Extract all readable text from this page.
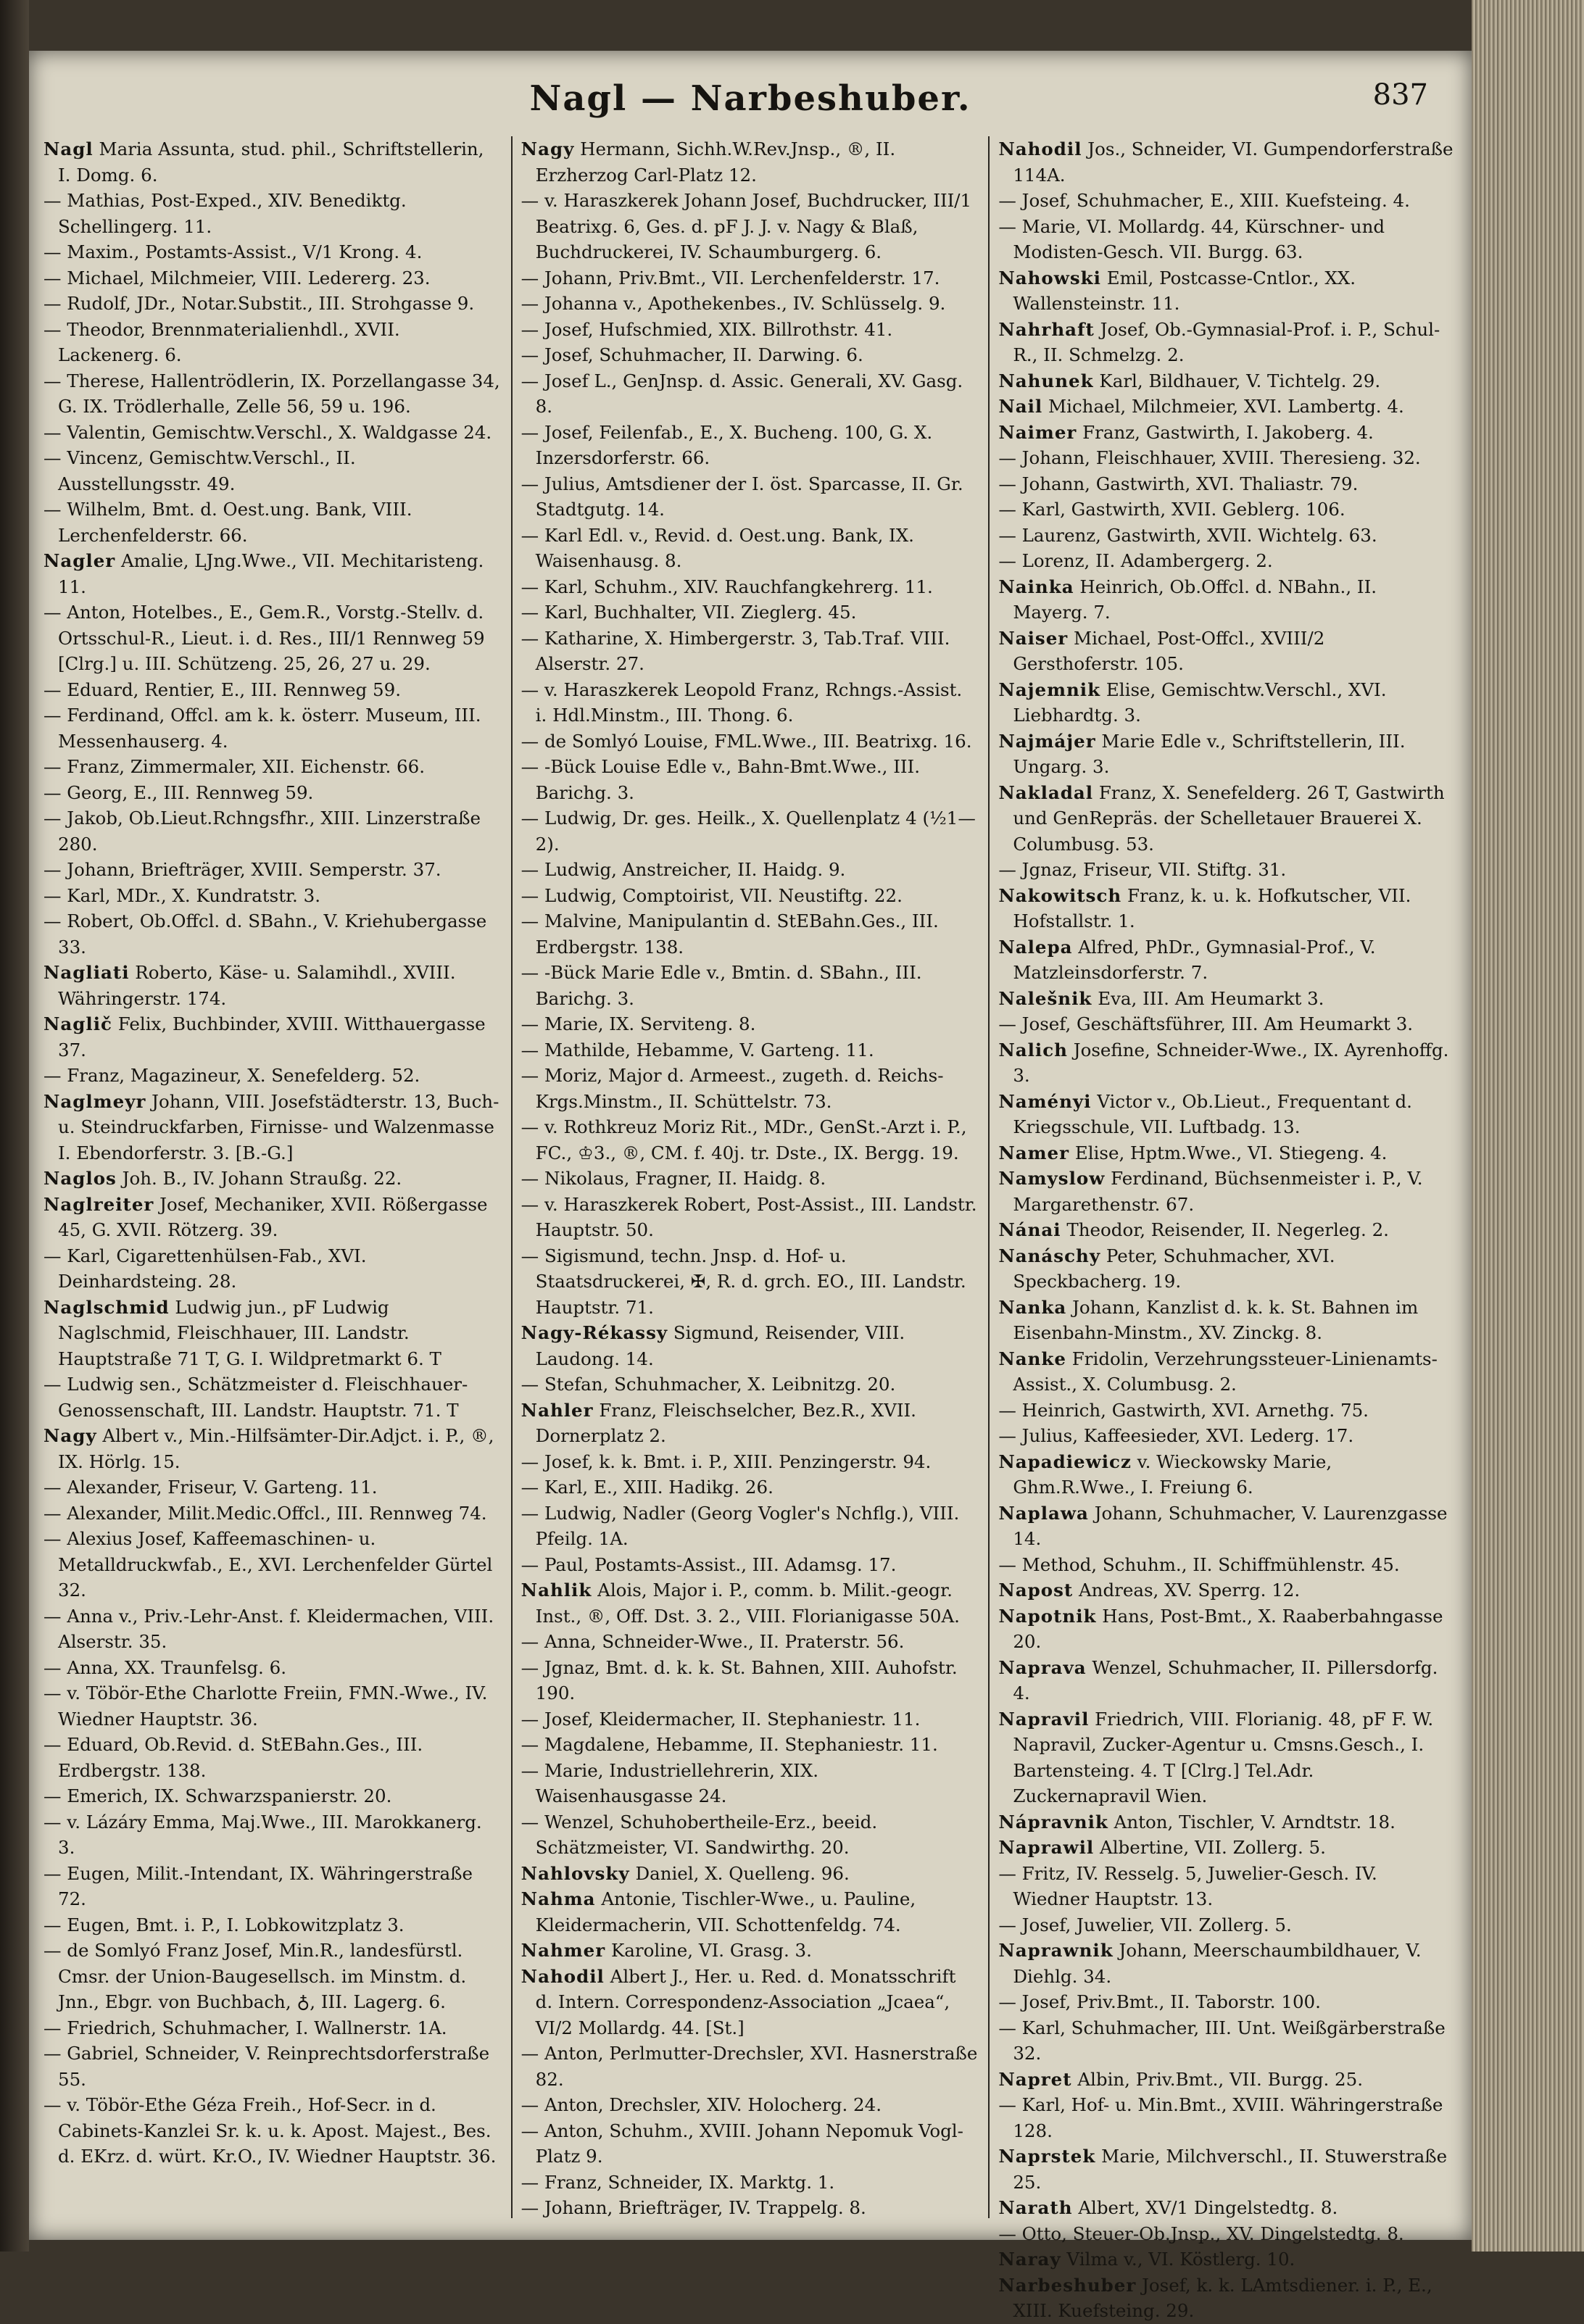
Nagl — Narbeshuber.	837

Nagl Maria Assunta, stud. phil., Schriftstellerin, I. Domg. 6.

— Mathias, Post-Exped., XIV. Benediktg. Schellingerg. 11.

— Maxim., Postamts-Assist., V/1 Krong. 4.

— Michael, Milchmeier, VIII. Ledererg. 23.

— Rudolf, JDr., Notar.Substit., III. Strohgasse 9.

— Theodor, Brennmaterialienhdl., XVII. Lackenerg. 6.

— Therese, Hallentrödlerin, IX. Porzellangasse 34, G. IX. Trödlerhalle, Zelle 56, 59 u. 196.

— Valentin, Gemischtw.Verschl., X. Waldgasse 24.

— Vincenz, Gemischtw.Verschl., II. Ausstellungsstr. 49.

— Wilhelm, Bmt. d. Oest.ung. Bank, VIII. Lerchenfelderstr. 66.

Nagler Amalie, LJng.Wwe., VII. Mechitaristeng. 11.

— Anton, Hotelbes., E., Gem.R., Vorstg.-Stellv. d. Ortsschul-R., Lieut. i. d. Res., III/1 Rennweg 59 [Clrg.] u. III. Schützeng. 25, 26, 27 u. 29.

— Eduard, Rentier, E., III. Rennweg 59.

— Ferdinand, Offcl. am k. k. österr. Museum, III. Messenhauserg. 4.

— Franz, Zimmermaler, XII. Eichenstr. 66.

— Georg, E., III. Rennweg 59.

— Jakob, Ob.Lieut.Rchngsfhr., XIII. Linzerstraße 280.

— Johann, Briefträger, XVIII. Semperstr. 37.

— Karl, MDr., X. Kundratstr. 3.

— Robert, Ob.Offcl. d. SBahn., V. Kriehubergasse 33.

Nagliati Roberto, Käse- u. Salamihdl., XVIII. Währingerstr. 174.

Naglič Felix, Buchbinder, XVIII. Witthauergasse 37.

— Franz, Magazineur, X. Senefelderg. 52.

Naglmeyr Johann, VIII. Josefstädterstr. 13, Buch- u. Steindruckfarben, Firnisse- und Walzenmasse I. Ebendorferstr. 3. [B.-G.]

Naglos Joh. B., IV. Johann Straußg. 22.

Naglreiter Josef, Mechaniker, XVII. Rößergasse 45, G. XVII. Rötzerg. 39.

— Karl, Cigarettenhülsen-Fab., XVI. Deinhardsteing. 28.

Naglschmid Ludwig jun., pF Ludwig Naglschmid, Fleischhauer, III. Landstr. Hauptstraße 71 T, G. I. Wildpretmarkt 6. T

— Ludwig sen., Schätzmeister d. Fleischhauer-Genossenschaft, III. Landstr. Hauptstr. 71. T

Nagy Albert v., Min.-Hilfsämter-Dir.Adjct. i. P., ®, IX. Hörlg. 15.

— Alexander, Friseur, V. Garteng. 11.

— Alexander, Milit.Medic.Offcl., III. Rennweg 74.

— Alexius Josef, Kaffeemaschinen- u. Metalldruckwfab., E., XVI. Lerchenfelder Gürtel 32.

— Anna v., Priv.-Lehr-Anst. f. Kleidermachen, VIII. Alserstr. 35.

— Anna, XX. Traunfelsg. 6.

— v. Töbör-Ethe Charlotte Freiin, FMN.-Wwe., IV. Wiedner Hauptstr. 36.

— Eduard, Ob.Revid. d. StEBahn.Ges., III. Erdbergstr. 138.

— Emerich, IX. Schwarzspanierstr. 20.

— v. Lázáry Emma, Maj.Wwe., III. Marokkanerg. 3.

— Eugen, Milit.-Intendant, IX. Währingerstraße 72.

— Eugen, Bmt. i. P., I. Lobkowitzplatz 3.

— de Somlyó Franz Josef, Min.R., landesfürstl. Cmsr. der Union-Baugesellsch. im Minstm. d. Jnn., Ebgr. von Buchbach, ♁, III. Lagerg. 6.

— Friedrich, Schuhmacher, I. Wallnerstr. 1A.

— Gabriel, Schneider, V. Reinprechtsdorferstraße 55.

— v. Töbör-Ethe Géza Freih., Hof-Secr. in d. Cabinets-Kanzlei Sr. k. u. k. Apost. Majest., Bes. d. EKrz. d. würt. Kr.O., IV. Wiedner Hauptstr. 36.

Nagy Hermann, Sichh.W.Rev.Jnsp., ®, II. Erzherzog Carl-Platz 12.

— v. Haraszkerek Johann Josef, Buchdrucker, III/1 Beatrixg. 6, Ges. d. pF J. J. v. Nagy & Blaß, Buchdruckerei, IV. Schaumburgerg. 6.

— Johann, Priv.Bmt., VII. Lerchenfelderstr. 17.

— Johanna v., Apothekenbes., IV. Schlüsselg. 9.

— Josef, Hufschmied, XIX. Billrothstr. 41.

— Josef, Schuhmacher, II. Darwing. 6.

— Josef L., GenJnsp. d. Assic. Generali, XV. Gasg. 8.

— Josef, Feilenfab., E., X. Bucheng. 100, G. X. Inzersdorferstr. 66.

— Julius, Amtsdiener der I. öst. Sparcasse, II. Gr. Stadtgutg. 14.

— Karl Edl. v., Revid. d. Oest.ung. Bank, IX. Waisenhausg. 8.

— Karl, Schuhm., XIV. Rauchfangkehrerg. 11.

— Karl, Buchhalter, VII. Zieglerg. 45.

— Katharine, X. Himbergerstr. 3, Tab.Traf. VIII. Alserstr. 27.

— v. Haraszkerek Leopold Franz, Rchngs.-Assist. i. Hdl.Minstm., III. Thong. 6.

— de Somlyó Louise, FML.Wwe., III. Beatrixg. 16.

— -Bück Louise Edle v., Bahn-Bmt.Wwe., III. Barichg. 3.

— Ludwig, Dr. ges. Heilk., X. Quellenplatz 4 (½1—2).

— Ludwig, Anstreicher, II. Haidg. 9.

— Ludwig, Comptoirist, VII. Neustiftg. 22.

— Malvine, Manipulantin d. StEBahn.Ges., III. Erdbergstr. 138.

— -Bück Marie Edle v., Bmtin. d. SBahn., III. Barichg. 3.

— Marie, IX. Serviteng. 8.

— Mathilde, Hebamme, V. Garteng. 11.

— Moriz, Major d. Armeest., zugeth. d. Reichs-Krgs.Minstm., II. Schüttelstr. 73.

— v. Rothkreuz Moriz Rit., MDr., GenSt.-Arzt i. P., FC., ♔3., ®, CM. f. 40j. tr. Dste., IX. Bergg. 19.

— Nikolaus, Fragner, II. Haidg. 8.

— v. Haraszkerek Robert, Post-Assist., III. Landstr. Hauptstr. 50.

— Sigismund, techn. Jnsp. d. Hof- u. Staatsdruckerei, ✠, R. d. grch. EO., III. Landstr. Hauptstr. 71.

Nagy-Rékassy Sigmund, Reisender, VIII. Laudong. 14.

— Stefan, Schuhmacher, X. Leibnitzg. 20.

Nahler Franz, Fleischselcher, Bez.R., XVII. Dornerplatz 2.

— Josef, k. k. Bmt. i. P., XIII. Penzingerstr. 94.

— Karl, E., XIII. Hadikg. 26.

— Ludwig, Nadler (Georg Vogler's Nchflg.), VIII. Pfeilg. 1A.

— Paul, Postamts-Assist., III. Adamsg. 17.

Nahlik Alois, Major i. P., comm. b. Milit.-geogr. Inst., ®, Off. Dst. 3. 2., VIII. Florianigasse 50A.

— Anna, Schneider-Wwe., II. Praterstr. 56.

— Jgnaz, Bmt. d. k. k. St. Bahnen, XIII. Auhofstr. 190.

— Josef, Kleidermacher, II. Stephaniestr. 11.

— Magdalene, Hebamme, II. Stephaniestr. 11.

— Marie, Industriellehrerin, XIX. Waisenhausgasse 24.

— Wenzel, Schuhobertheile-Erz., beeid. Schätzmeister, VI. Sandwirthg. 20.

Nahlovsky Daniel, X. Quelleng. 96.

Nahma Antonie, Tischler-Wwe., u. Pauline, Kleidermacherin, VII. Schottenfeldg. 74.

Nahmer Karoline, VI. Grasg. 3.

Nahodil Albert J., Her. u. Red. d. Monatsschrift d. Intern. Correspondenz-Association „Jcaea“, VI/2 Mollardg. 44. [St.]

— Anton, Perlmutter-Drechsler, XVI. Hasnerstraße 82.

— Anton, Drechsler, XIV. Holocherg. 24.

— Anton, Schuhm., XVIII. Johann Nepomuk Vogl-Platz 9.

— Franz, Schneider, IX. Marktg. 1.

— Johann, Briefträger, IV. Trappelg. 8.

Nahodil Jos., Schneider, VI. Gumpendorferstraße 114A.

— Josef, Schuhmacher, E., XIII. Kuefsteing. 4.

— Marie, VI. Mollardg. 44, Kürschner- und Modisten-Gesch. VII. Burgg. 63.

Nahowski Emil, Postcasse-Cntlor., XX. Wallensteinstr. 11.

Nahrhaft Josef, Ob.-Gymnasial-Prof. i. P., Schul-R., II. Schmelzg. 2.

Nahunek Karl, Bildhauer, V. Tichtelg. 29.

Nail Michael, Milchmeier, XVI. Lambertg. 4.

Naimer Franz, Gastwirth, I. Jakoberg. 4.

— Johann, Fleischhauer, XVIII. Theresieng. 32.

— Johann, Gastwirth, XVI. Thaliastr. 79.

— Karl, Gastwirth, XVII. Geblerg. 106.

— Laurenz, Gastwirth, XVII. Wichtelg. 63.

— Lorenz, II. Adambergerg. 2.

Nainka Heinrich, Ob.Offcl. d. NBahn., II. Mayerg. 7.

Naiser Michael, Post-Offcl., XVIII/2 Gersthoferstr. 105.

Najemnik Elise, Gemischtw.Verschl., XVI. Liebhardtg. 3.

Najmájer Marie Edle v., Schriftstellerin, III. Ungarg. 3.

Nakladal Franz, X. Senefelderg. 26 T, Gastwirth und GenRepräs. der Schelletauer Brauerei X. Columbusg. 53.

— Jgnaz, Friseur, VII. Stiftg. 31.

Nakowitsch Franz, k. u. k. Hofkutscher, VII. Hofstallstr. 1.

Nalepa Alfred, PhDr., Gymnasial-Prof., V. Matzleinsdorferstr. 7.

Nalešnik Eva, III. Am Heumarkt 3.

— Josef, Geschäftsführer, III. Am Heumarkt 3.

Nalich Josefine, Schneider-Wwe., IX. Ayrenhoffg. 3.

Naményi Victor v., Ob.Lieut., Frequentant d. Kriegsschule, VII. Luftbadg. 13.

Namer Elise, Hptm.Wwe., VI. Stiegeng. 4.

Namyslow Ferdinand, Büchsenmeister i. P., V. Margarethenstr. 67.

Nánai Theodor, Reisender, II. Negerleg. 2.

Nanáschy Peter, Schuhmacher, XVI. Speckbacherg. 19.

Nanka Johann, Kanzlist d. k. k. St. Bahnen im Eisenbahn-Minstm., XV. Zinckg. 8.

Nanke Fridolin, Verzehrungssteuer-Linienamts-Assist., X. Columbusg. 2.

— Heinrich, Gastwirth, XVI. Arnethg. 75.

— Julius, Kaffeesieder, XVI. Lederg. 17.

Napadiewicz v. Wieckowsky Marie, Ghm.R.Wwe., I. Freiung 6.

Naplawa Johann, Schuhmacher, V. Laurenzgasse 14.

— Method, Schuhm., II. Schiffmühlenstr. 45.

Napost Andreas, XV. Sperrg. 12.

Napotnik Hans, Post-Bmt., X. Raaberbahngasse 20.

Naprava Wenzel, Schuhmacher, II. Pillersdorfg. 4.

Napravil Friedrich, VIII. Florianig. 48, pF F. W. Napravil, Zucker-Agentur u. Cmsns.Gesch., I. Bartensteing. 4. T [Clrg.] Tel.Adr. Zuckernapravil Wien.

Nápravnik Anton, Tischler, V. Arndtstr. 18.

Naprawil Albertine, VII. Zollerg. 5.

— Fritz, IV. Resselg. 5, Juwelier-Gesch. IV. Wiedner Hauptstr. 13.

— Josef, Juwelier, VII. Zollerg. 5.

Naprawnik Johann, Meerschaumbildhauer, V. Diehlg. 34.

— Josef, Priv.Bmt., II. Taborstr. 100.

— Karl, Schuhmacher, III. Unt. Weißgärberstraße 32.

Napret Albin, Priv.Bmt., VII. Burgg. 25.

— Karl, Hof- u. Min.Bmt., XVIII. Währingerstraße 128.

Naprstek Marie, Milchverschl., II. Stuwerstraße 25.

Narath Albert, XV/1 Dingelstedtg. 8.

— Otto, Steuer-Ob.Jnsp., XV. Dingelstedtg. 8.

Naray Vilma v., VI. Köstlerg. 10.

Narbeshuber Josef, k. k. LAmtsdiener. i. P., E., XIII. Kuefsteing. 29.
